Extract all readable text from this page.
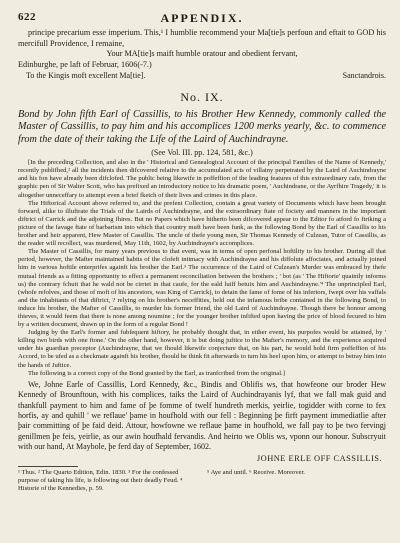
622	APPENDIX.

principe precarium esse imperium. This,¹ I humblie recommend your Ma[tie]s perfoun and eftait to GOD his mercifull Providence, I remaine,

Your MA[tie]s maift humble oratour and obedient fervant,

Edinburghe, pe laft of Februar, 1606(-7.)

To the Kingis moft excellent Ma[tie].	Sanctandrois.
No. IX.

Bond by John fifth Earl of Cassillis, to his Brother Hew Kennedy, commonly called the Master of Cassillis, to pay him and his accomplices 1200 merks yearly, &c. to commence from the date of their taking the Life of the Laird of Auchindrayne.

(See Vol. III. pp. 124, 581, &c.)

[In the preceding Collection, and also in the ' Historical and Genealogical Account of the principal Families of the Name of Kennedy,' recently publifhed,² all the incidents then difcovered relative to the accumulated acts of villainy perpetrated by the Laird of Auchindrayne and his fon have already been difclofed. The public being likewife in poffeffion of the leading features of this extraordinary cafe, from the graphic pen of Sir Walter Scott, who has prefixed an introductory notice to his dramatic poem, ' Auchindrane, or the Ayrfhire Tragedy,' it is altogether unneceffary to attempt even a brief fketch of their lives and crimes in this place.

The Hiftorical Account above referred to, and the prefent Collection, contain a great variety of Documents which have been brought forward, alike to illuftrate the Trials of the Lairds of Auchindrayne, and the extraordinary ftate of fociety and manners in the important diftrict of Carrick and the adjoining fhires. But no Papers which have hitherto been difcovered appear to the Editor fo aiford fo ftriking a picture of the favage ftate of barbarism into which that country muft have been funk, as the following Bond by the Earl of Cassillis to his brother and heir apparent, Hew Master of Cassillis. The uncle of thefe young men, Sir Thomas Kennedy of Culzean, Tutor of Cassillis, as the reader will recollect, was murdered, May 11th, 1602, by Auchindrayne's accomplices.

The Master of Cassillis, for many years previous to that event, was in terms of open perfonal hoftility to his brother. During all that period, however, the Mafter maintained habits of the clofeft intimacy with Auchindrayne and his diffolute affociates, and actually joined him in various hoftile enterprifes againft his brother the Earl.³ The occurrence of the Laird of Culzean's Murder was embraced by thefe mutual friends as a fitting opportunity to effect a permanent reconciliation between the brothers ; ' bot (as ' The Hiftorie' quaintly informs us) the contrary fchuit that he wald not be cirriet in that caufe, for the eald luiff betuix him and Auchindrayne.'⁴ The unprincipled Earl, (whofe refolves, and those of moft of his ancestors, was King of Carrick), to detain the fame of fome of his inferiors, fwept over his vaffals and the inhabitants of that diftrict, ? relying on his brother's neceffities, held out the infamous bribe contained in the following Bond, to induce his brother, the Mafter of Cassillis, to murder his former friend, the old Laird of Auchindrayne. Though there be honour among thieves, it would feem that there is none among noumine ; for the younger brother infifted upon having the price of blood fecured to him by a written document, drawn up in the form of a regular Bond !

Judging by the Earl's former and fubfequent hiftory, he probably thought that, in either event, his purpofes would be attained, by ' killing two birds with one ftone.' On the other hand, however, it is but doing juftice to the Mafter's memory, and the experience acquired under his guardian preceptor (Auchindrayne, that we fhould likewife conjecture that, on his part, he would hold firm poffeffion of his Accord, to be ufed as a checkmate againft his brother, fhould he think fit afterwards to turn his heel upon him, or attempt to betray him into the hands of Juftice.

The following is a correct copy of the Bond granted by the Earl, as tranfcribed from the original.]

We, Johne Earle of Cassillis, Lord Kennedy, &c., Bindis and Oblifis ws, that howfeone our broder Hew Kennedy of Brounftoun, with his complices, taiks the Laird of Auchindrayanis lyf, that we fall mak guid and thankfull payment to him and fame of þe fomme of twelf hundreth merkis, yeirlie, togidder with corne to fex horfis, ay and quhill ' we reflaue' þame in houfhold with our fell : Beginning þe firft payment immediatlie after þair committing of þe faid deid. Attour, howfowne we reflaue þame in houfhold, we fall pay to þe two fervingj genillmen þe feis, yeirlie, as our awin houfhald fervandis. And heirto we Oblis ws, vponn our honour. Subscryuit with our hand, At Maybole, þe ferd day of September, 1602.

JOHNE ERLE OFF CASSILLIS.
¹ Thus. ² The Quarto Edition, Edin. 1830. ³ For the confessed purpose of taking his life, is following out their deadly Feud. ⁴ Historie of the Kennedies, p. 59.
⁵ Aye and until. ⁶ Receive. Moreover.
